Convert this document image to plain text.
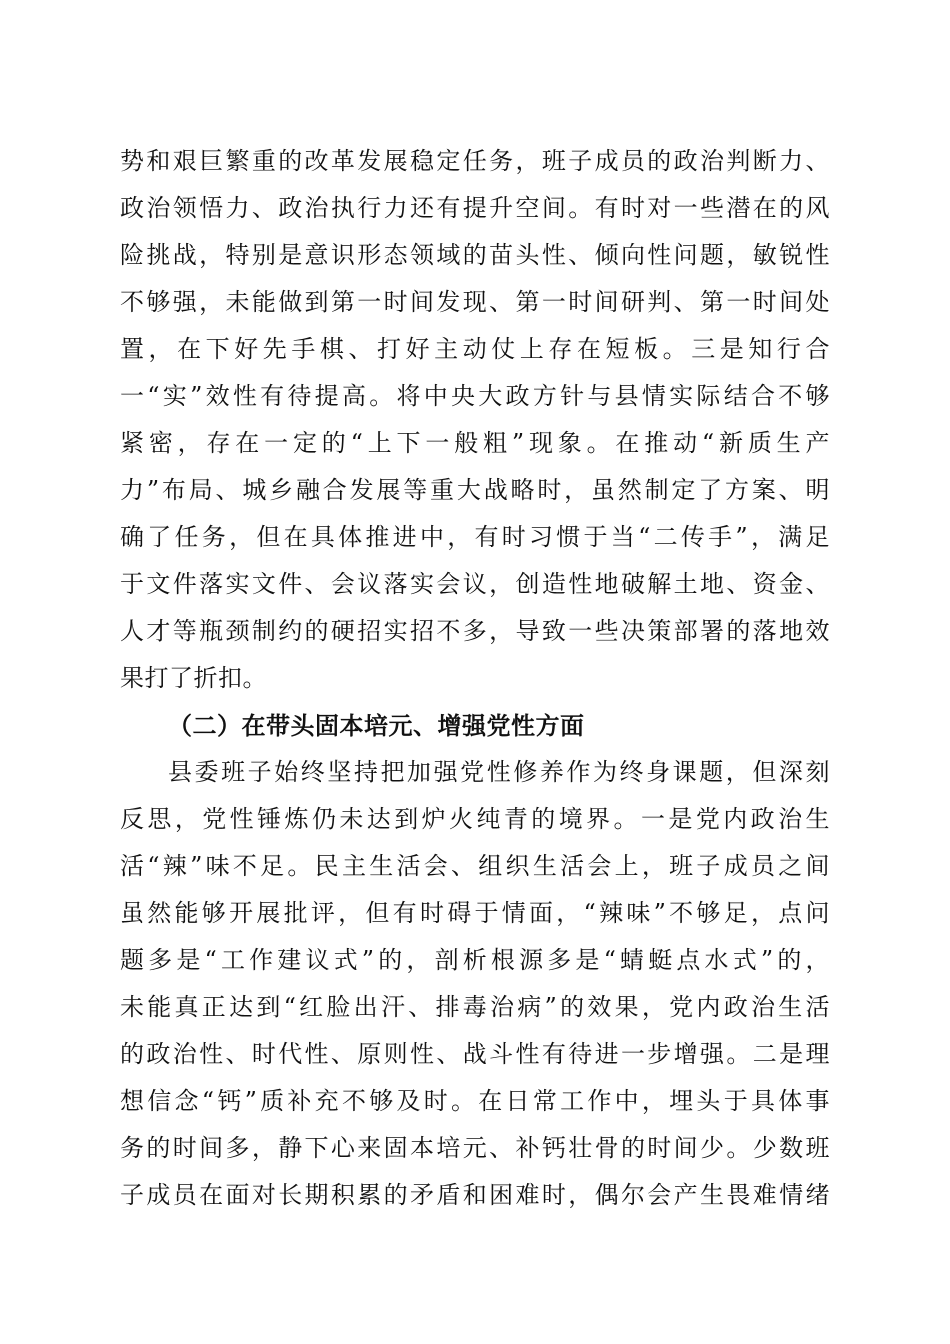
势和艰巨繁重的改革发展稳定任务，班子成员的政治判断力、
政治领悟力、政治执行力还有提升空间。有时对一些潜在的风
险挑战，特别是意识形态领域的苗头性、倾向性问题，敏锐性
不够强，未能做到第一时间发现、第一时间研判、第一时间处
置，在下好先手棋、打好主动仗上存在短板。三是知行合
一“实”效性有待提高。将中央大政方针与县情实际结合不够
紧密，存在一定的“上下一般粗”现象。在推动“新质生产
力”布局、城乡融合发展等重大战略时，虽然制定了方案、明
确了任务，但在具体推进中，有时习惯于当“二传手”，满足
于文件落实文件、会议落实会议，创造性地破解土地、资金、
人才等瓶颈制约的硬招实招不多，导致一些决策部署的落地效
果打了折扣。
（二）在带头固本培元、增强党性方面
县委班子始终坚持把加强党性修养作为终身课题，但深刻
反思，党性锤炼仍未达到炉火纯青的境界。一是党内政治生
活“辣”味不足。民主生活会、组织生活会上，班子成员之间
虽然能够开展批评，但有时碍于情面，“辣味”不够足，点问
题多是“工作建议式”的，剖析根源多是“蜻蜓点水式”的，
未能真正达到“红脸出汗、排毒治病”的效果，党内政治生活
的政治性、时代性、原则性、战斗性有待进一步增强。二是理
想信念“钙”质补充不够及时。在日常工作中，埋头于具体事
务的时间多，静下心来固本培元、补钙壮骨的时间少。少数班
子成员在面对长期积累的矛盾和困难时，偶尔会产生畏难情绪
